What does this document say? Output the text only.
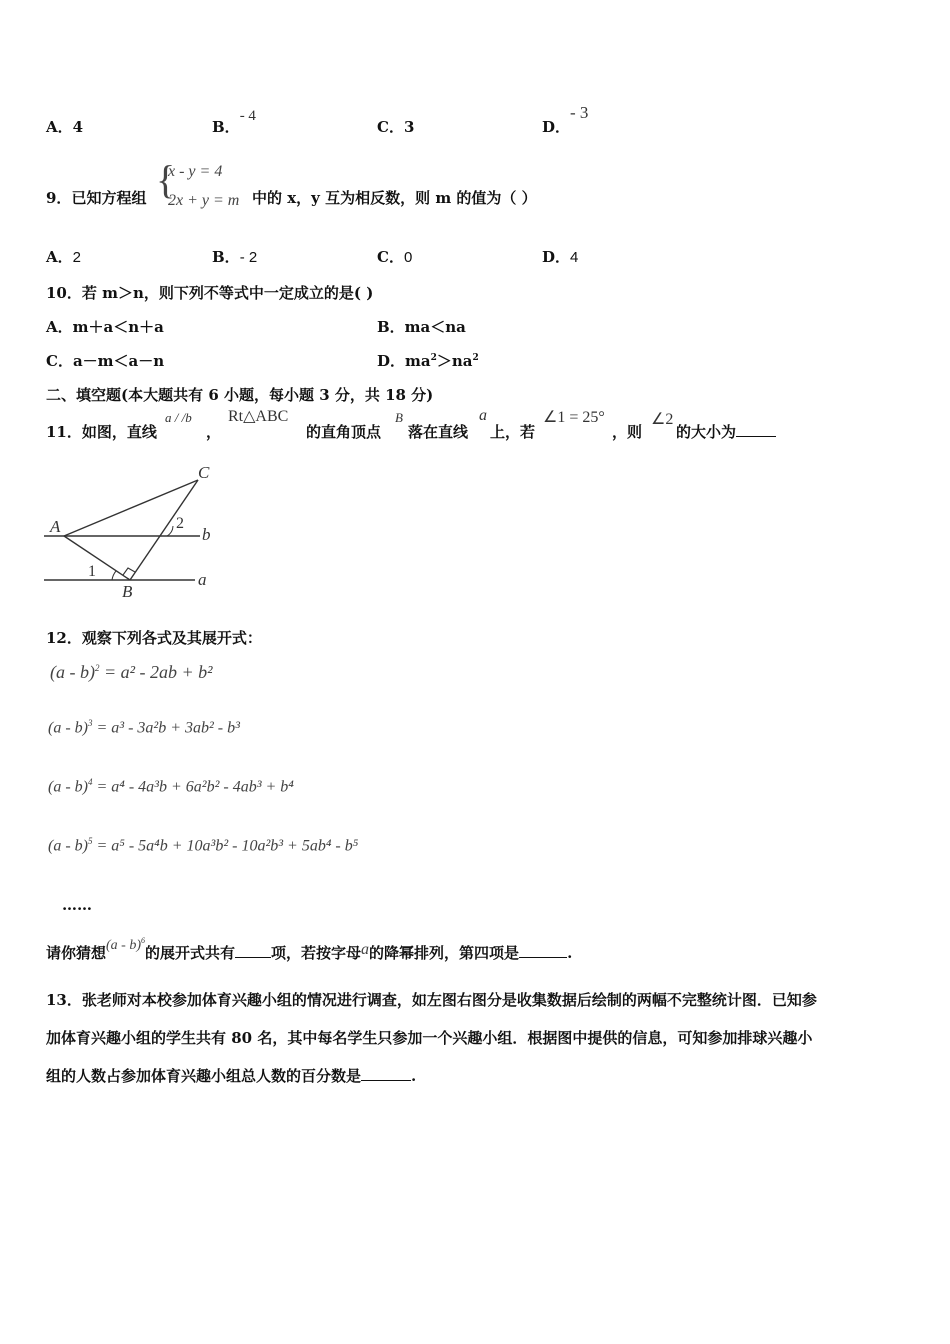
A．4	B．- 4
C．3	D．- 3
9．已知方程组 {
x - y = 4
2x + y = m 中的 x，y 互为相反数，则 m 的值为（ ）
A．2	B．- 2	C．0	D．4
10．若 m＞n，则下列不等式中一定成立的是( )
A．m＋a＜n＋a	B．ma＜na
C．a－m＜a－n	D．$ma^2>na^2$
二、填空题(本大题共有 6 小题，每小题 3 分，共 18 分)
11．如图，直线
a / /b
，
Rt△ABC
的直角顶点
B
落在直线
a
上，若
∠1 = 25°
，则
∠2
的大小为
A
B
C
1
2
b
a
12．观察下列各式及其展开式：
(a - b)$^2$ = a² - 2ab + b²
(a - b)$^3$ = a³ - 3a²b + 3ab² - b³
(a - b)$^4$ = a⁴ - 4a³b + 6a²b² - 4ab³ + b⁴
(a - b)$^5$ = a⁵ - 5a⁴b + 10a³b² - 10a²b³ + 5ab⁴ - b⁵
……
请你猜想(a - b)$^6$的展开式共有 项，若按字母a的降幂排列，第四项是	.
13．张老师对本校参加体育兴趣小组的情况进行调查，如左图右图分是收集数据后绘制的两幅不完整统计图．已知参
加体育兴趣小组的学生共有 80 名，其中每名学生只参加一个兴趣小组．根据图中提供的信息，可知参加排球兴趣小
组的人数占参加体育兴趣小组总人数的百分数是	.
